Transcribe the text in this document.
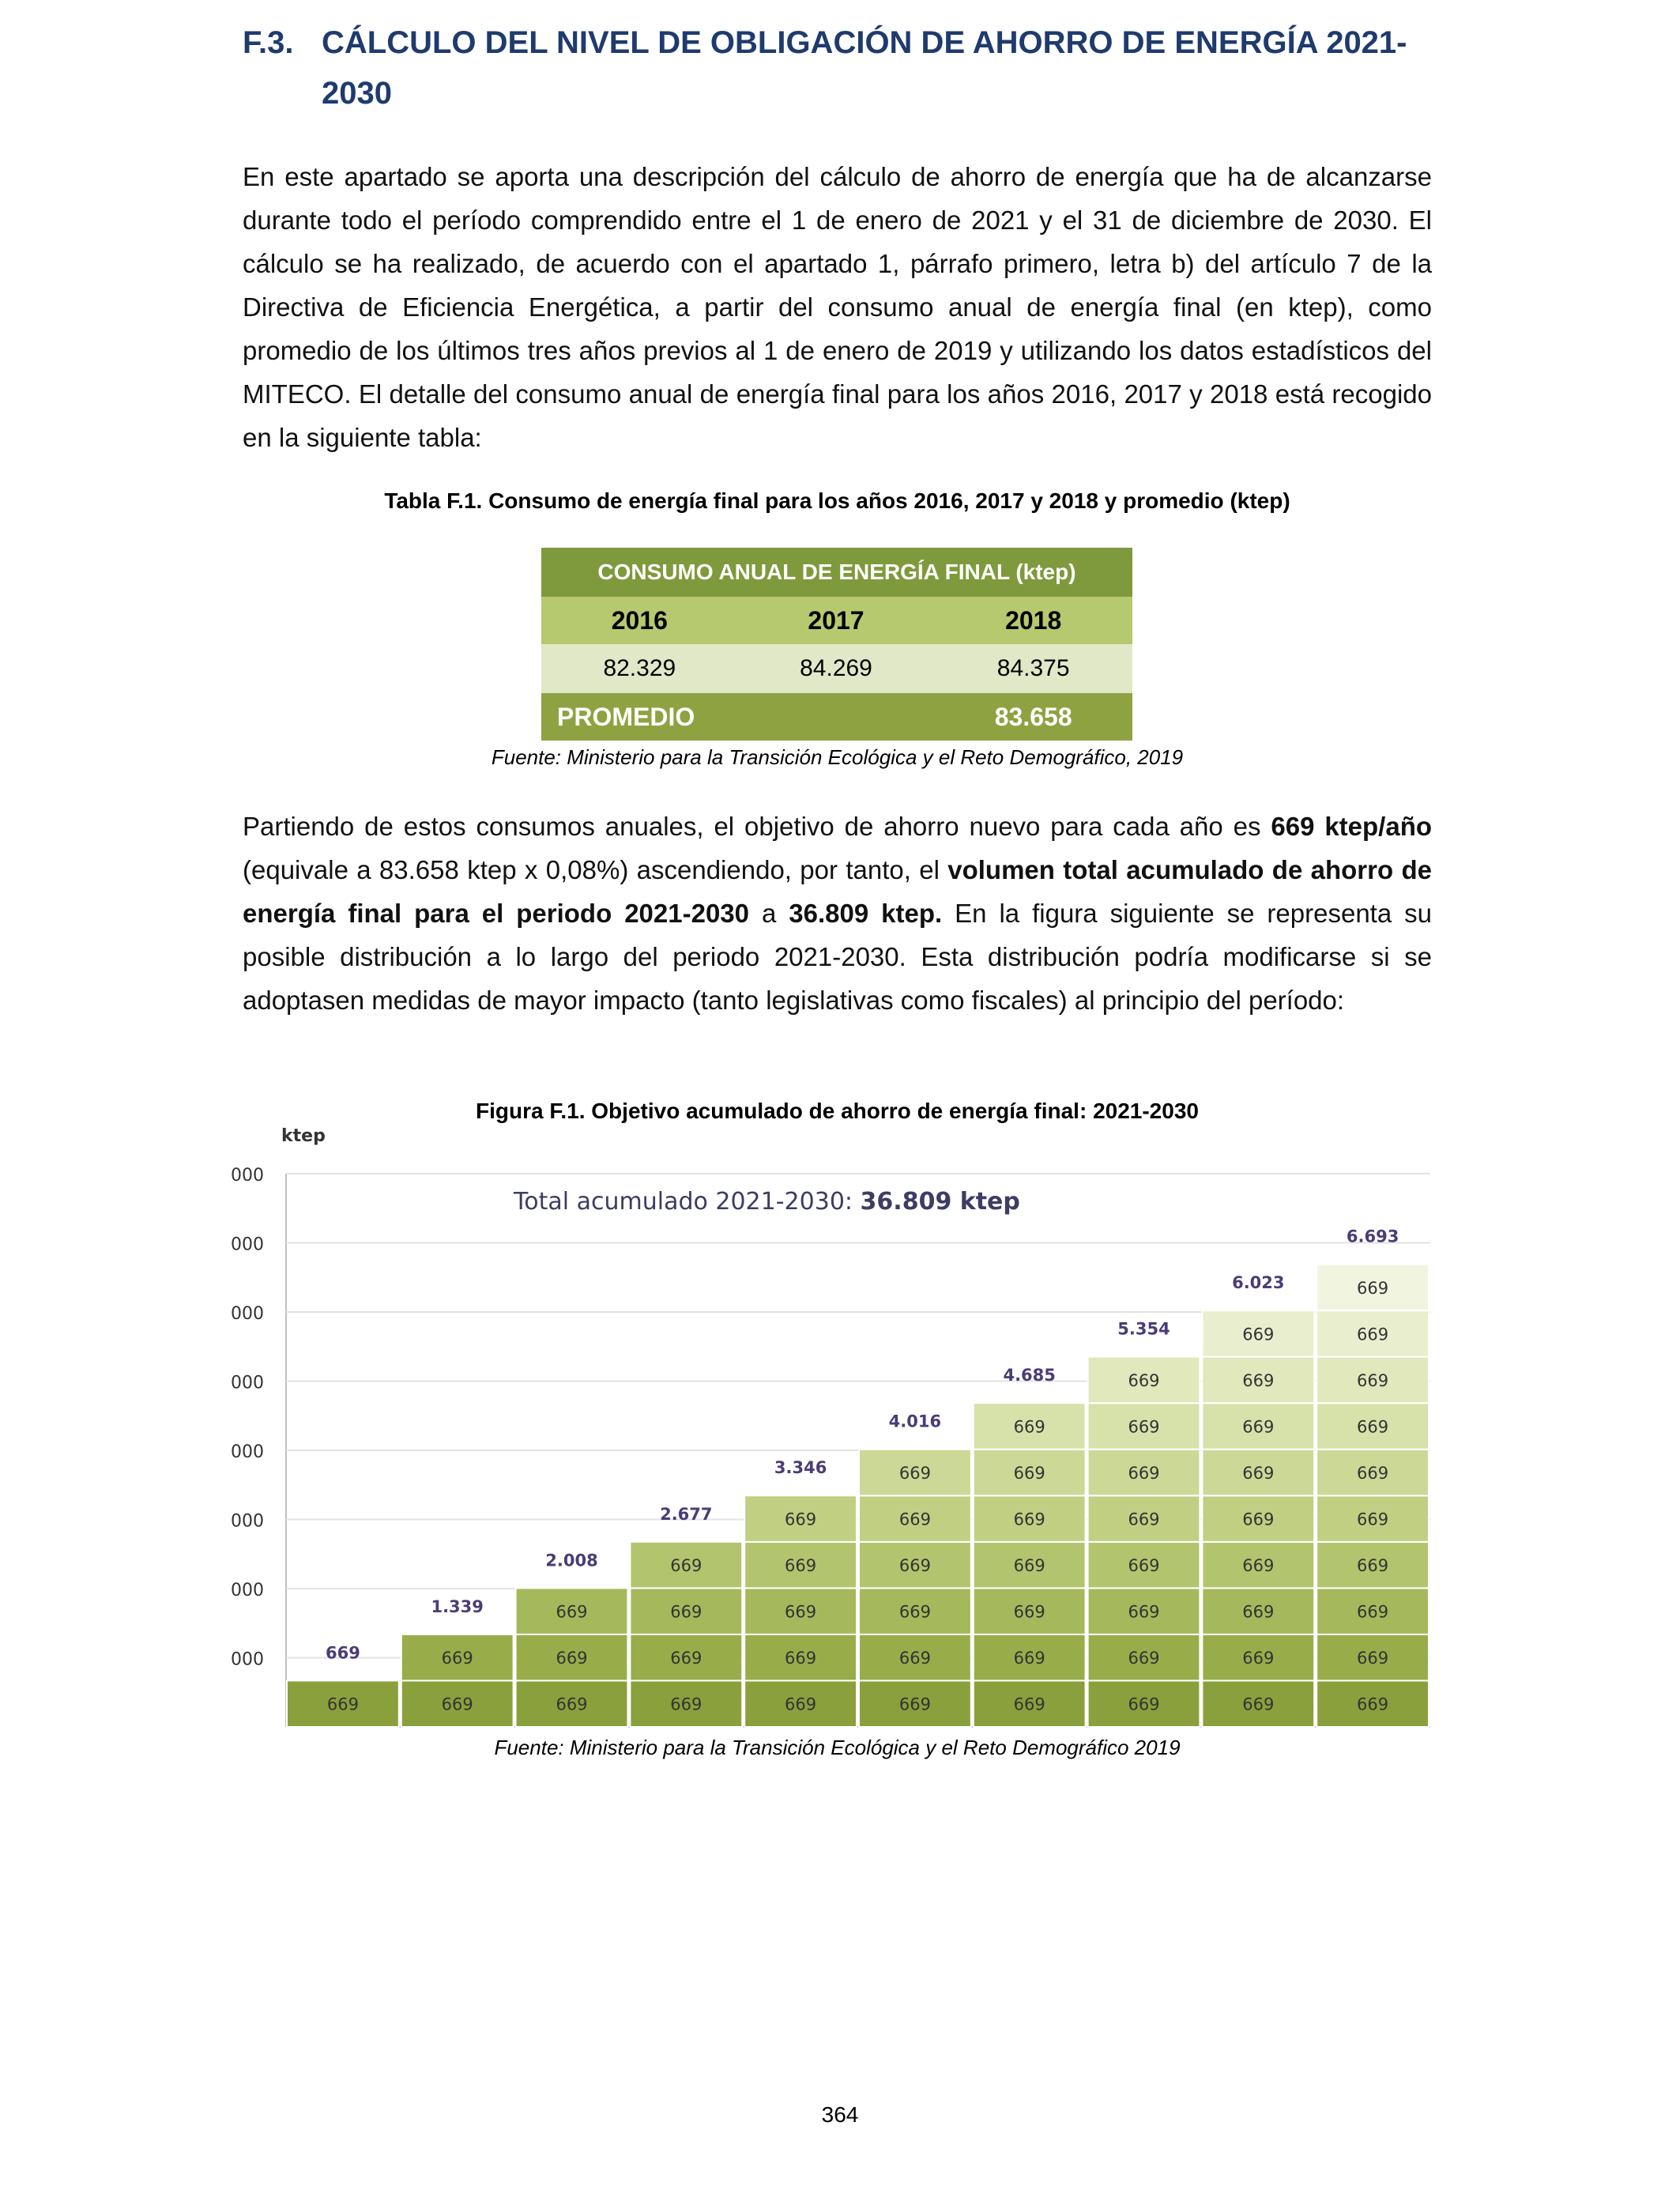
F.3. CÁLCULO DEL NIVEL DE OBLIGACIÓN DE AHORRO DE ENERGÍA 2021-2030
En este apartado se aporta una descripción del cálculo de ahorro de energía que ha de alcanzarse durante todo el período comprendido entre el 1 de enero de 2021 y el 31 de diciembre de 2030. El cálculo se ha realizado, de acuerdo con el apartado 1, párrafo primero, letra b) del artículo 7 de la Directiva de Eficiencia Energética, a partir del consumo anual de energía final (en ktep), como promedio de los últimos tres años previos al 1 de enero de 2019 y utilizando los datos estadísticos del MITECO. El detalle del consumo anual de energía final para los años 2016, 2017 y 2018 está recogido en la siguiente tabla:
Tabla F.1. Consumo de energía final para los años 2016, 2017 y 2018 y promedio (ktep)
CONSUMO ANUAL DE ENERGÍA FINAL (ktep)		
2016	2017	2018
82.329	84.269	84.375
PROMEDIO		83.658
Fuente: Ministerio para la Transición Ecológica y el Reto Demográfico, 2019
Partiendo de estos consumos anuales, el objetivo de ahorro nuevo para cada año es 669 ktep/año (equivale a 83.658 ktep x 0,08%) ascendiendo, por tanto, el volumen total acumulado de ahorro de energía final para el periodo 2021-2030 a 36.809 ktep. En la figura siguiente se representa su posible distribución a lo largo del periodo 2021-2030. Esta distribución podría modificarse si se adoptasen medidas de mayor impacto (tanto legislativas como fiscales) al principio del período:
Figura F.1. Objetivo acumulado de ahorro de energía final: 2021-2030
000
000
000
000
000
000
000
000
ktep
Total acumulado 2021-2030: 36.809 ktep
669
669
669
669
1.339
669
669
669
2.008
669
669
669
669
2.677
669
669
669
669
669
3.346
669
669
669
669
669
669
4.016
669
669
669
669
669
669
669
4.685
669
669
669
669
669
669
669
669
5.354
669
669
669
669
669
669
669
669
669
6.023
669
669
669
669
669
669
669
669
669
669
6.693
Fuente: Ministerio para la Transición Ecológica y el Reto Demográfico 2019
364
